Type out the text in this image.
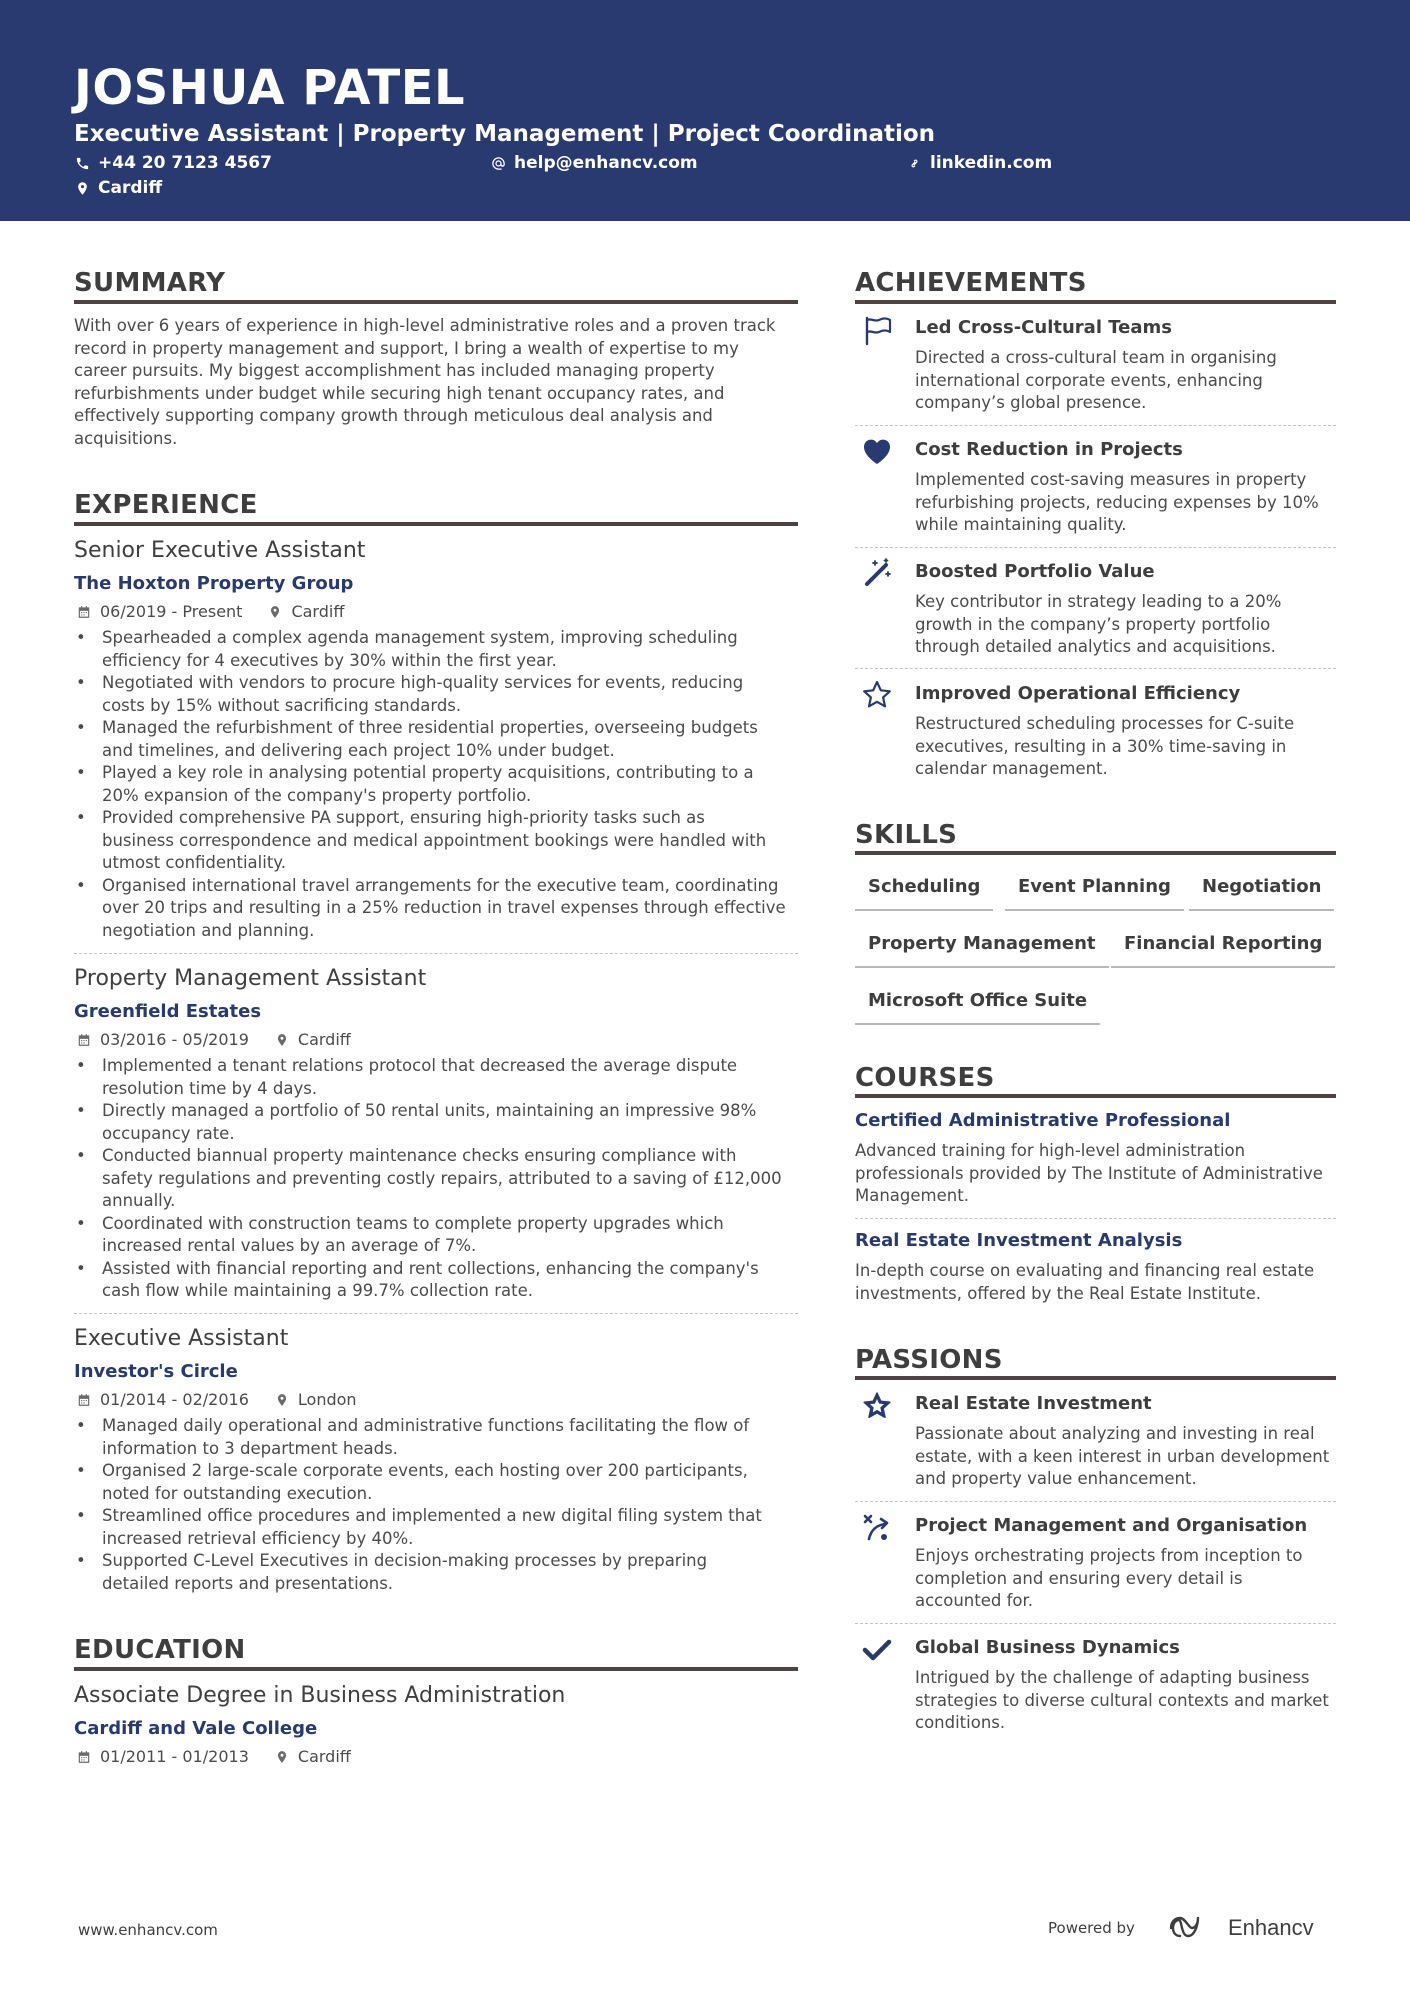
JOSHUA PATEL
Executive Assistant | Property Management | Project Coordination
+44 20 7123 4567	help@enhancv.com	linkedin.com
Cardiff
SUMMARY
With over 6 years of experience in high-level administrative roles and a proven track
record in property management and support, I bring a wealth of expertise to my
career pursuits. My biggest accomplishment has included managing property
refurbishments under budget while securing high tenant occupancy rates, and
effectively supporting company growth through meticulous deal analysis and
acquisitions.
EXPERIENCE
Senior Executive Assistant
The Hoxton Property Group
06/2019 - Present	Cardiff
• Spearheaded a complex agenda management system, improving scheduling
efficiency for 4 executives by 30% within the first year.
• Negotiated with vendors to procure high-quality services for events, reducing
costs by 15% without sacrificing standards.
• Managed the refurbishment of three residential properties, overseeing budgets
and timelines, and delivering each project 10% under budget.
• Played a key role in analysing potential property acquisitions, contributing to a
20% expansion of the company's property portfolio.
• Provided comprehensive PA support, ensuring high-priority tasks such as
business correspondence and medical appointment bookings were handled with
utmost confidentiality.
• Organised international travel arrangements for the executive team, coordinating
over 20 trips and resulting in a 25% reduction in travel expenses through effective
negotiation and planning.
Property Management Assistant
Greenfield Estates
03/2016 - 05/2019	Cardiff
• Implemented a tenant relations protocol that decreased the average dispute
resolution time by 4 days.
• Directly managed a portfolio of 50 rental units, maintaining an impressive 98%
occupancy rate.
• Conducted biannual property maintenance checks ensuring compliance with
safety regulations and preventing costly repairs, attributed to a saving of £12,000
annually.
• Coordinated with construction teams to complete property upgrades which
increased rental values by an average of 7%.
• Assisted with financial reporting and rent collections, enhancing the company's
cash flow while maintaining a 99.7% collection rate.
Executive Assistant
Investor's Circle
01/2014 - 02/2016	London
• Managed daily operational and administrative functions facilitating the flow of
information to 3 department heads.
• Organised 2 large-scale corporate events, each hosting over 200 participants,
noted for outstanding execution.
• Streamlined office procedures and implemented a new digital filing system that
increased retrieval efficiency by 40%.
• Supported C-Level Executives in decision-making processes by preparing
detailed reports and presentations.
EDUCATION
Associate Degree in Business Administration
Cardiff and Vale College
01/2011 - 01/2013	Cardiff
ACHIEVEMENTS
Led Cross-Cultural Teams
Directed a cross-cultural team in organising
international corporate events, enhancing
company’s global presence.
Cost Reduction in Projects
Implemented cost-saving measures in property
refurbishing projects, reducing expenses by 10%
while maintaining quality.
Boosted Portfolio Value
Key contributor in strategy leading to a 20%
growth in the company’s property portfolio
through detailed analytics and acquisitions.
Improved Operational Efficiency
Restructured scheduling processes for C-suite
executives, resulting in a 30% time-saving in
calendar management.
SKILLS
Scheduling	Event Planning	Negotiation
Property Management	Financial Reporting
Microsoft Office Suite
COURSES
Certified Administrative Professional
Advanced training for high-level administration
professionals provided by The Institute of Administrative
Management.
Real Estate Investment Analysis
In-depth course on evaluating and financing real estate
investments, offered by the Real Estate Institute.
PASSIONS
Real Estate Investment
Passionate about analyzing and investing in real
estate, with a keen interest in urban development
and property value enhancement.
Project Management and Organisation
Enjoys orchestrating projects from inception to
completion and ensuring every detail is
accounted for.
Global Business Dynamics
Intrigued by the challenge of adapting business
strategies to diverse cultural contexts and market
conditions.
www.enhancv.com	Powered by	Enhancv
